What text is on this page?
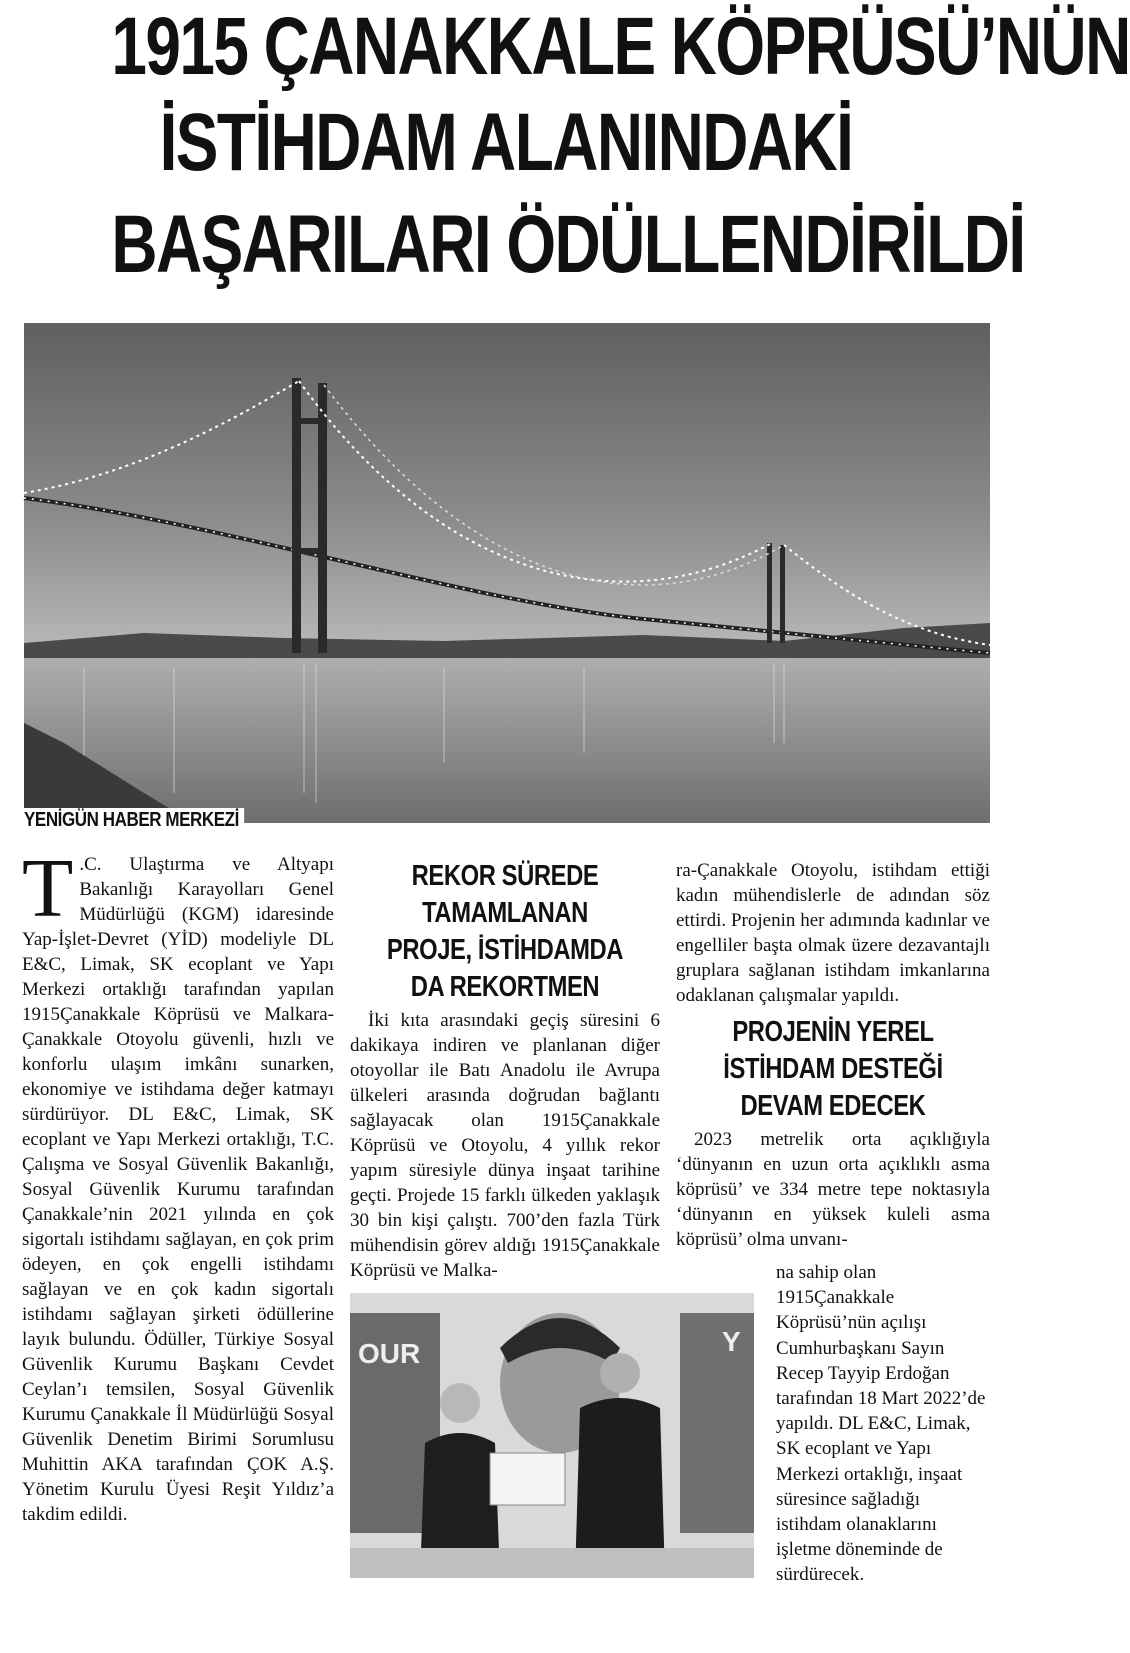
1915 ÇANAKKALE KÖPRÜSÜ’NÜN
İSTİHDAM ALANINDAKİ
BAŞARILARI ÖDÜLLENDİRİLDİ
YENİGÜN HABER MERKEZİ

T .C. Ulaştırma ve Altyapı Bakanlığı Karayolları Genel Müdürlüğü (KGM) idaresinde Yap-İşlet-Devret (YİD) modeliyle DL E&C, Limak, SK ecoplant ve Yapı Merkezi ortaklığı tarafından yapılan 1915Çanakkale Köprüsü ve Malkara-Çanakkale Otoyolu güvenli, hızlı ve konforlu ulaşım imkânı sunarken, ekonomiye ve istihdama değer katmayı sürdürüyor. DL E&C, Limak, SK ecoplant ve Yapı Merkezi ortaklığı, T.C. Çalışma ve Sosyal Güvenlik Bakanlığı, Sosyal Güvenlik Kurumu tarafından Çanakkale’nin 2021 yılında en çok sigortalı istihdamı sağlayan, en çok prim ödeyen, en çok engelli istihdamı sağlayan ve en çok kadın sigortalı istihdamı sağlayan şirketi ödüllerine layık bulundu. Ödüller, Türkiye Sosyal Güvenlik Kurumu Başkanı Cevdet Ceylan’ı temsilen, Sosyal Güvenlik Kurumu Çanakkale İl Müdürlüğü Sosyal Güvenlik Denetim Birimi Sorumlusu Muhittin AKA tarafından ÇOK A.Ş. Yönetim Kurulu Üyesi Reşit Yıldız’a takdim edildi.

REKOR SÜREDE TAMAMLANAN PROJE, İSTİHDAMDA DA REKORTMEN

İki kıta arasındaki geçiş süresini 6 dakikaya indiren ve planlanan diğer otoyollar ile Batı Anadolu ile Avrupa ülkeleri arasında doğrudan bağlantı sağlayacak olan 1915Çanakkale Köprüsü ve Otoyolu, 4 yıllık rekor yapım süresiyle dünya inşaat tarihine geçti. Projede 15 farklı ülkeden yaklaşık 30 bin kişi çalıştı. 700’den fazla Türk mühendisin görev aldığı 1915Çanakkale Köprüsü ve Malka-

ra-Çanakkale Otoyolu, istihdam ettiği kadın mühendislerle de adından söz ettirdi. Projenin her adımında kadınlar ve engelliler başta olmak üzere dezavantajlı gruplara sağlanan istihdam imkanlarına odaklanan çalışmalar yapıldı.

PROJENİN YEREL İSTİHDAM DESTEĞİ DEVAM EDECEK

2023 metrelik orta açıklığıyla ‘dünyanın en uzun orta açıklıklı asma köprüsü’ ve 334 metre tepe noktasıyla ‘dünyanın en yüksek kuleli asma köprüsü’ olma unvanı-

OUR	Y

na sahip olan 1915Çanakkale Köprüsü’nün açılışı Cumhurbaşkanı Sayın Recep Tayyip Erdoğan tarafından 18 Mart 2022’de yapıldı. DL E&C, Limak, SK ecoplant ve Yapı Merkezi ortaklığı, inşaat süresince sağladığı istihdam olanaklarını işletme döneminde de sürdürecek.
